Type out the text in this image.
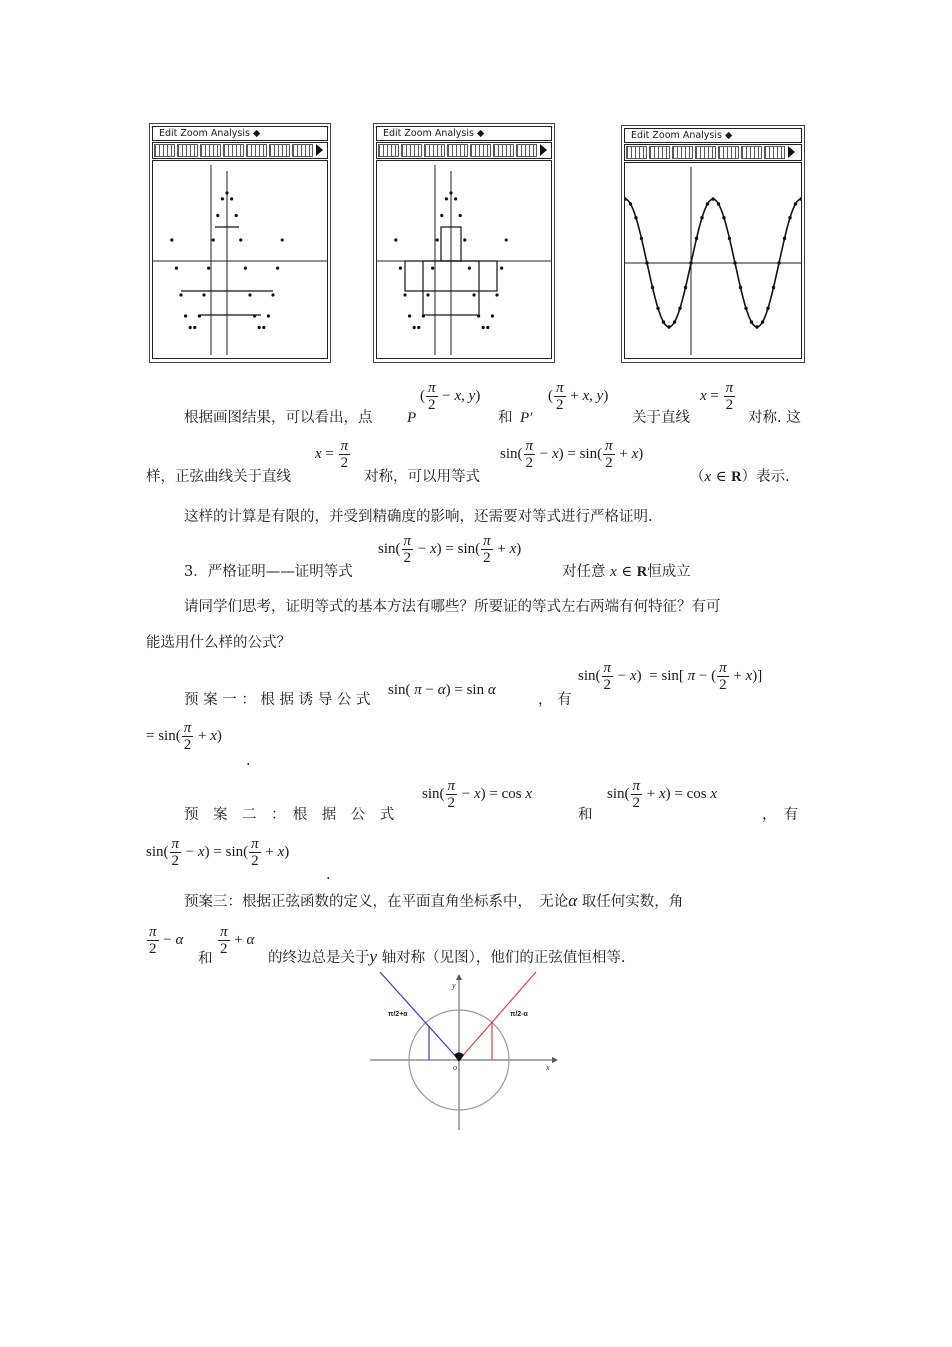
Edit Zoom Analysis ◆	Edit Zoom Analysis ◆	Edit Zoom Analysis ◆
根据画图结果，可以看出，点 P
( $\frac{\pi}{2} - x$, y)
和 P′
( $\frac{\pi}{2} + x$, y)
关于直线
$x = \frac{\pi}{2}$
对称. 这
样，正弦曲线关于直线
$x = \frac{\pi}{2}$
对称，可以用等式
$\sin( \frac{\pi}{2} - x) = \sin( \frac{\pi}{2} + x)$
（x ∈ R）表示.
这样的计算是有限的，并受到精确度的影响，还需要对等式进行严格证明.
3．严格证明——证明等式
$\sin( \frac{\pi}{2} - x) = \sin( \frac{\pi}{2} + x)$
对任意 x ∈ R恒成立
请同学们思考，证明等式的基本方法有哪些？所要证的等式左右两端有何特征？有可
能选用什么样的公式？
预 案 一 ： 根 据 诱 导 公 式
sin( π − α) = sin α
， 有
$\sin( \frac{\pi}{2} - x) = \sin$[ π − ( $\frac{\pi}{2} + x$)]
= $\sin( \frac{\pi}{2} + x)$
.
预　案　二　：　根　据　公　式
$\sin( \frac{\pi}{2} - x) = \cos x$
和
$\sin( \frac{\pi}{2} + x) = \cos x$
，　有
$\sin( \frac{\pi}{2} - x) = \sin( \frac{\pi}{2} + x)$
.
预案三：根据正弦函数的定义，在平面直角坐标系中，　无论α 取任何实数，角
$\frac{\pi}{2} - \alpha$
和
$\frac{\pi}{2} + \alpha$
的终边总是关于y 轴对称（见图），他们的正弦值恒相等.
π/2+α	π/2-α
y
x
o
